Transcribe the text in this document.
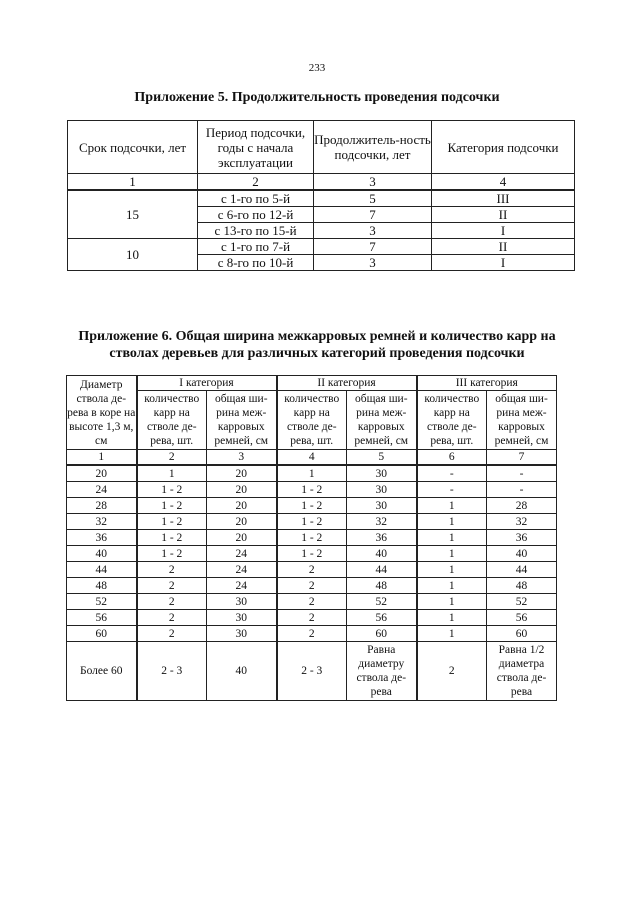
233
Приложение 5. Продолжительность проведения подсочки
Срок подсочки, лет	Период подсочки, годы с начала эксплуатации	Продолжитель-ность подсочки, лет	Категория подсочки
1	2	3	4
15	с 1-го по 5-й	5	III
	с 6-го по 12-й	7	II
	с 13-го по 15-й	3	I
10	с 1-го по 7-й	7	II
	с 8-го по 10-й	3	I
Приложение 6. Общая ширина межкарровых ремней и количество карр на
стволах деревьев для различных категорий проведения подсочки
Диаметр ствола де-рева в коре на высоте 1,3 м, см	I категория		II категория		III категория	
	количество карр на стволе де-рева, шт.	общая ши-рина меж-карровых ремней, см	количество карр на стволе де-рева, шт.	общая ши-рина меж-карровых ремней, см	количество карр на стволе де-рева, шт.	общая ши-рина меж-карровых ремней, см
1	2	3	4	5	6	7
20	1	20	1	30	-	-
24	1 - 2	20	1 - 2	30	-	-
28	1 - 2	20	1 - 2	30	1	28
32	1 - 2	20	1 - 2	32	1	32
36	1 - 2	20	1 - 2	36	1	36
40	1 - 2	24	1 - 2	40	1	40
44	2	24	2	44	1	44
48	2	24	2	48	1	48
52	2	30	2	52	1	52
56	2	30	2	56	1	56
60	2	30	2	60	1	60
Более 60	2 - 3	40	2 - 3	Равна диаметру ствола де-рева	2	Равна 1/2 диаметра ствола де-рева
